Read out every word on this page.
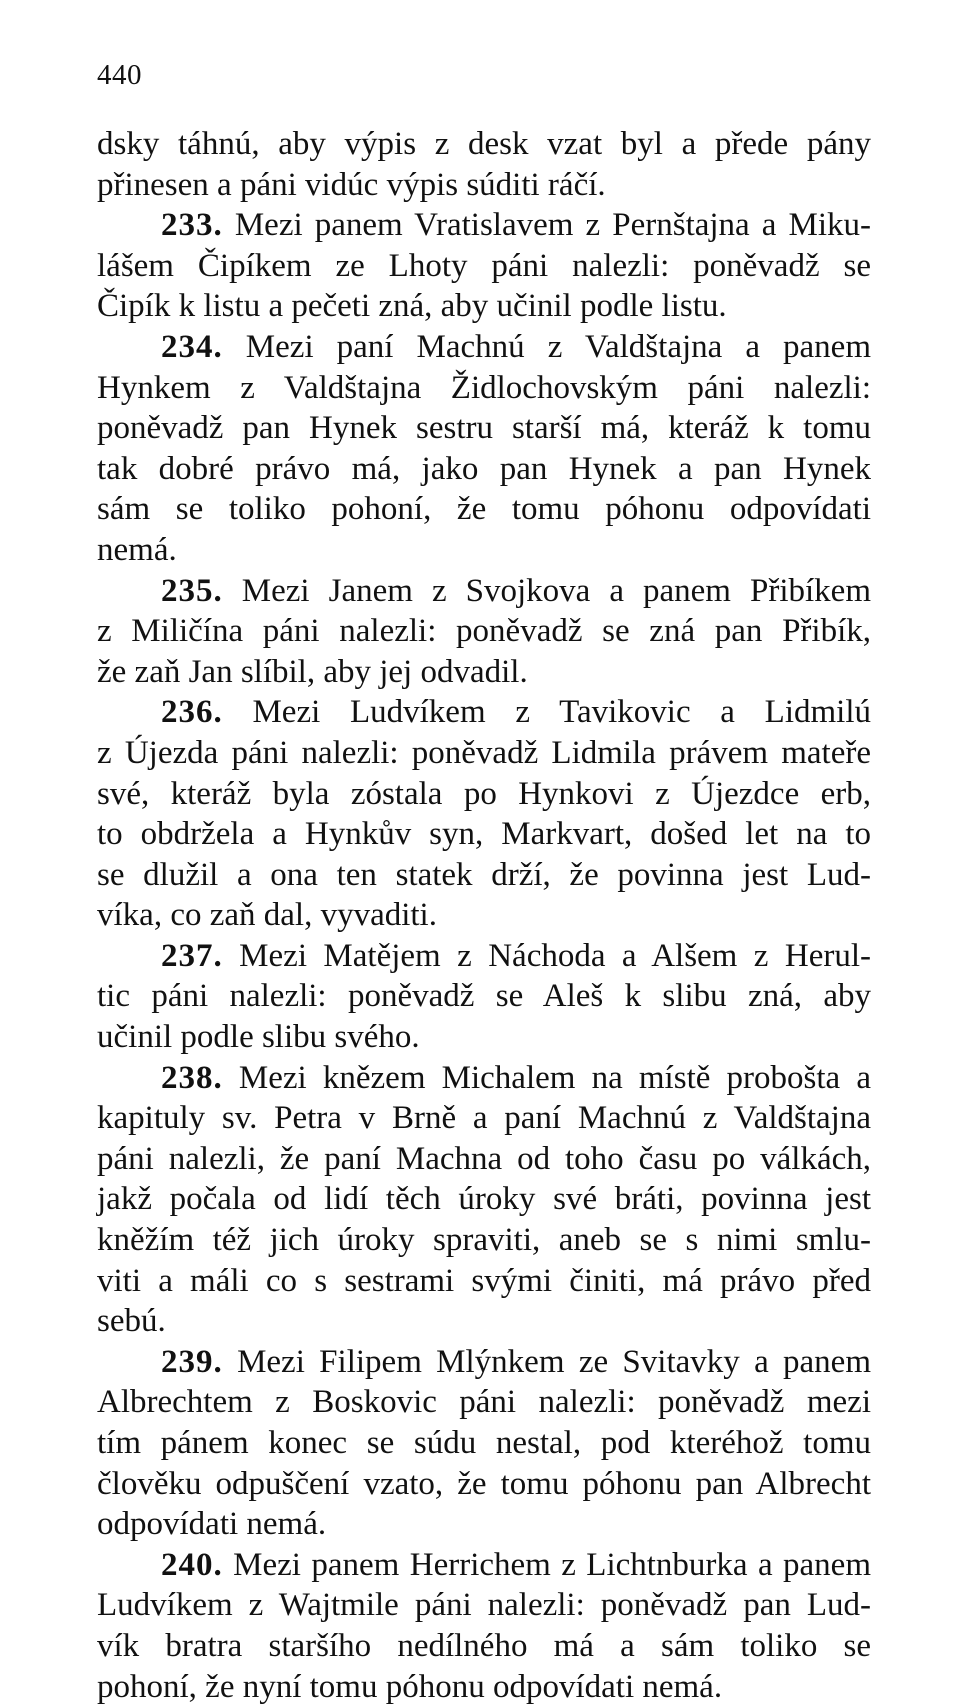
440
dsky táhnú, aby výpis z desk vzat byl a přede pány
přinesen a páni vidúc výpis súditi ráčí.
233. Mezi panem Vratislavem z Pernštajna a Miku-
lášem Čipíkem ze Lhoty páni nalezli: poněvadž se
Čipík k listu a pečeti zná, aby učinil podle listu.
234. Mezi paní Machnú z Valdštajna a panem
Hynkem z Valdštajna Židlochovským páni nalezli:
poněvadž pan Hynek sestru starší má, kteráž k tomu
tak dobré právo má, jako pan Hynek a pan Hynek
sám se toliko pohoní, že tomu póhonu odpovídati
nemá.
235. Mezi Janem z Svojkova a panem Přibíkem
z Miličína páni nalezli: poněvadž se zná pan Přibík,
že zaň Jan slíbil, aby jej odvadil.
236. Mezi Ludvíkem z Tavikovic a Lidmilú
z Újezda páni nalezli: poněvadž Lidmila právem mateře
své, kteráž byla zóstala po Hynkovi z Újezdce erb,
to obdržela a Hynkův syn, Markvart, došed let na to
se dlužil a ona ten statek drží, že povinna jest Lud-
víka, co zaň dal, vyvaditi.
237. Mezi Matějem z Náchoda a Alšem z Herul-
tic páni nalezli: poněvadž se Aleš k slibu zná, aby
učinil podle slibu svého.
238. Mezi knězem Michalem na místě probošta a
kapituly sv. Petra v Brně a paní Machnú z Valdštajna
páni nalezli, že paní Machna od toho času po válkách,
jakž počala od lidí těch úroky své bráti, povinna jest
kněžím též jich úroky spraviti, aneb se s nimi smlu-
viti a máli co s sestrami svými činiti, má právo před
sebú.
239. Mezi Filipem Mlýnkem ze Svitavky a panem
Albrechtem z Boskovic páni nalezli: poněvadž mezi
tím pánem konec se súdu nestal, pod kteréhož tomu
člověku odpuščení vzato, že tomu póhonu pan Albrecht
odpovídati nemá.
240. Mezi panem Herrichem z Lichtnburka a panem
Ludvíkem z Wajtmile páni nalezli: poněvadž pan Lud-
vík bratra staršího nedílného má a sám toliko se
pohoní, že nyní tomu póhonu odpovídati nemá.
